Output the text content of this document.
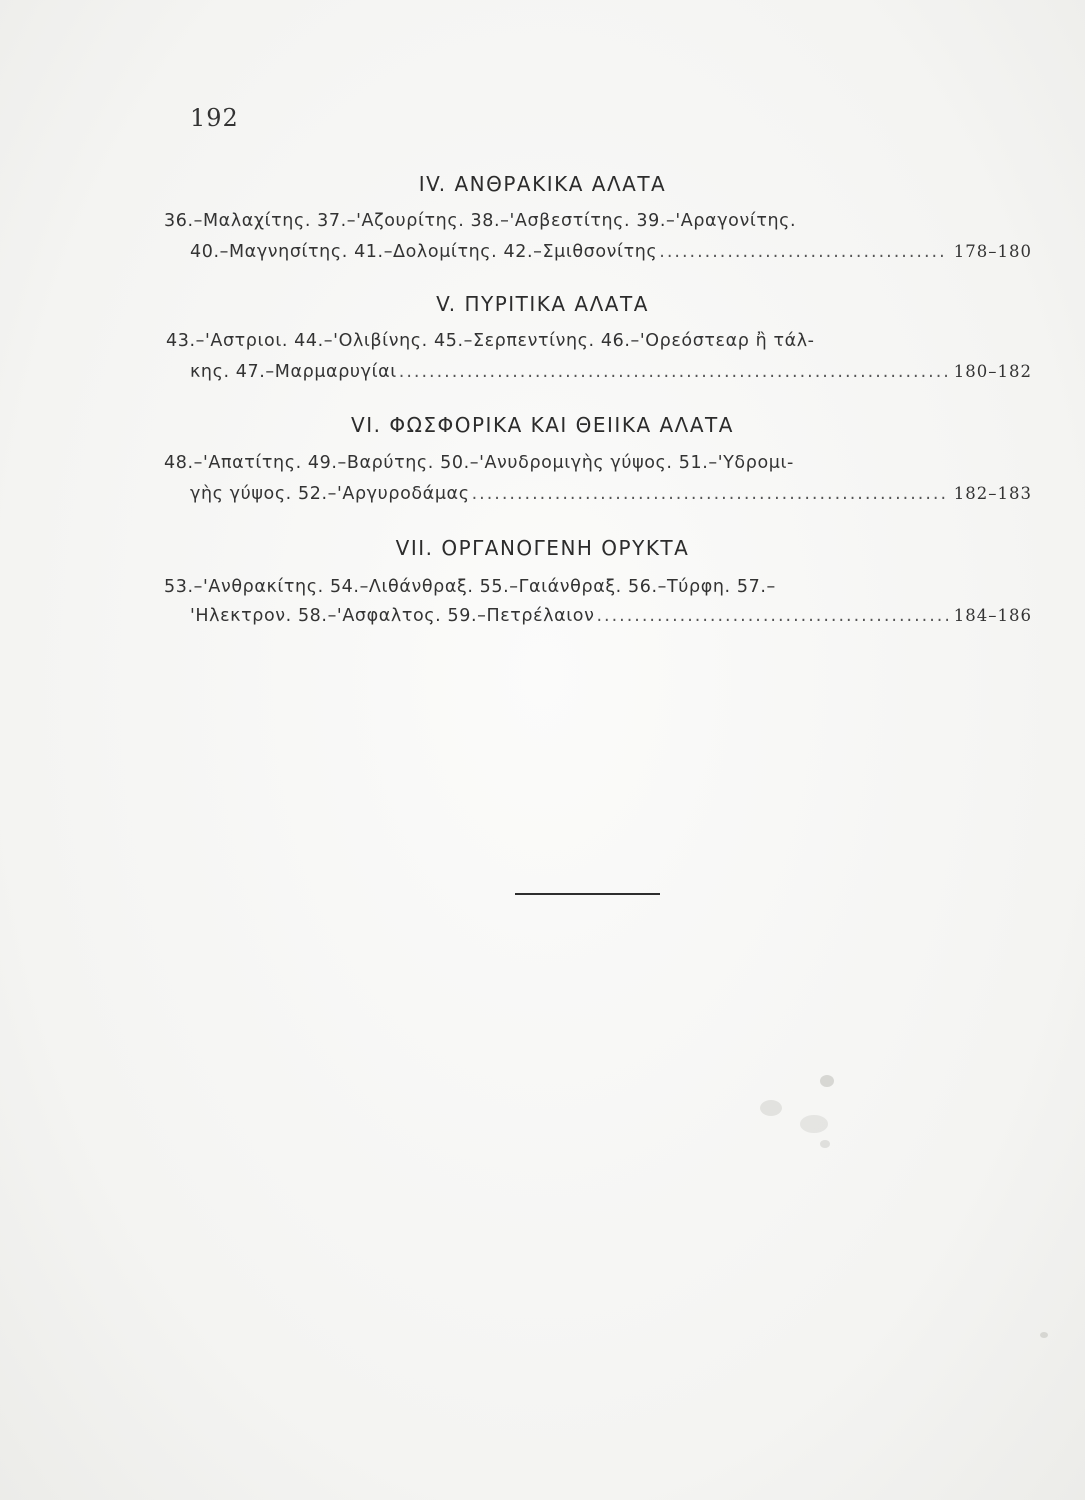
192
IV. ΑΝΘΡΑΚΙΚΑ ΑΛΑΤΑ
36.–Μαλαχίτης. 37.–'Αζουρίτης. 38.–'Ασβεστίτης. 39.–'Αραγονίτης.
40.–Μαγνησίτης. 41.–Δολομίτης. 42.–Σμιθσονίτης .....	178–180
V. ΠΥΡΙΤΙΚΑ ΑΛΑΤΑ
43.–'Αστριοι. 44.–'Ολιβίνης. 45.–Σερπεντίνης. 46.–'Ορεόστεαρ ἢ τάλ-
κης. 47.–Μαρμαρυγίαι .....	180–182
VI. ΦΩΣΦΟΡΙΚΑ ΚΑΙ ΘΕΙΙΚΑ ΑΛΑΤΑ
48.–'Απατίτης. 49.–Βαρύτης. 50.–'Ανυδρομιγὴς γύψος. 51.–'Υδρομι-
γὴς γύψος. 52.–'Αργυροδάμας .....	182–183
VII. ΟΡΓΑΝΟΓΕΝΗ ΟΡΥΚΤΑ
53.–'Ανθρακίτης. 54.–Λιθάνθραξ. 55.–Γαιάνθραξ. 56.–Τύρφη. 57.–
'Ηλεκτρον. 58.–'Ασφαλτος. 59.–Πετρέλαιον .....	184–186
